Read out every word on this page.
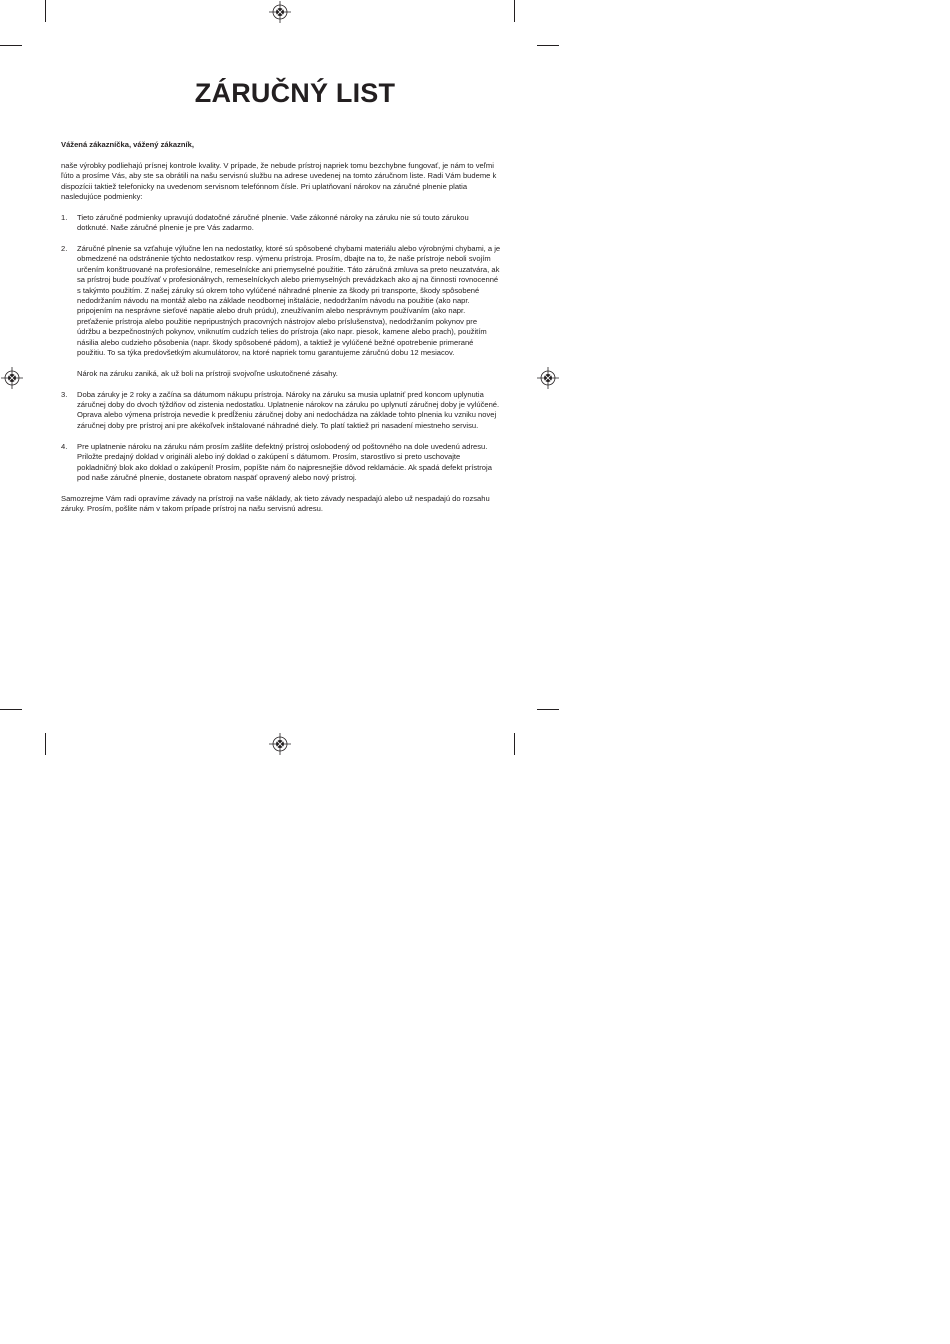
ZÁRUČNÝ LIST

Vážená zákazníčka, vážený zákazník,

naše výrobky podliehajú prísnej kontrole kvality. V prípade, že nebude prístroj napriek tomu bezchybne fungovať, je nám to veľmi ľúto a prosíme Vás, aby ste sa obrátili na našu servisnú službu na adrese uvedenej na tomto záručnom liste. Radi Vám budeme k dispozícii taktiež telefonicky na uvedenom servisnom telefónnom čísle. Pri uplatňovaní nárokov na záručné plnenie platia nasledujúce podmienky:

1. Tieto záručné podmienky upravujú dodatočné záručné plnenie. Vaše zákonné nároky na záruku nie sú touto zárukou dotknuté. Naše záručné plnenie je pre Vás zadarmo.

2. Záručné plnenie sa vzťahuje výlučne len na nedostatky, ktoré sú spôsobené chybami materiálu alebo výrobnými chybami, a je obmedzené na odstránenie týchto nedostatkov resp. výmenu prístroja. Prosím, dbajte na to, že naše prístroje neboli svojím určením konštruované na profesionálne, remeselnícke ani priemyselné použitie. Táto záručná zmluva sa preto neuzatvára, ak sa prístroj bude používať v profesionálnych, remeselníckych alebo priemyselných prevádzkach ako aj na činnosti rovnocenné s takýmto použitím. Z našej záruky sú okrem toho vylúčené náhradné plnenie za škody pri transporte, škody spôsobené nedodržaním návodu na montáž alebo na základe neodbornej inštalácie, nedodržaním návodu na použitie (ako napr. pripojením na nesprávne sieťové napätie alebo druh prúdu), zneužívaním alebo nesprávnym používaním (ako napr. preťaženie prístroja alebo použitie nepripustných pracovných nástrojov alebo príslušenstva), nedodržaním pokynov pre údržbu a bezpečnostných pokynov, vniknutím cudzích telies do prístroja (ako napr. piesok, kamene alebo prach), použitím násilia alebo cudzieho pôsobenia (napr. škody spôsobené pádom), a taktiež je vylúčené bežné opotrebenie primerané použitiu. To sa týka predovšetkým akumulátorov, na ktoré napriek tomu garantujeme záručnú dobu 12 mesiacov.

Nárok na záruku zaniká, ak už boli na prístroji svojvoľne uskutočnené zásahy.

3. Doba záruky je 2 roky a začína sa dátumom nákupu prístroja. Nároky na záruku sa musia uplatniť pred koncom uplynutia záručnej doby do dvoch týždňov od zistenia nedostatku. Uplatnenie nárokov na záruku po uplynutí záručnej doby je vylúčené. Oprava alebo výmena prístroja nevedie k predĺženiu záručnej doby ani nedochádza na základe tohto plnenia ku vzniku novej záručnej doby pre prístroj ani pre akékoľvek inštalované náhradné diely. To platí taktiež pri nasadení miestneho servisu.

4. Pre uplatnenie nároku na záruku nám prosím zašlite defektný prístroj oslobodený od poštovného na dole uvedenú adresu. Priložte predajný doklad v origináli alebo iný doklad o zakúpení s dátumom. Prosím, starostlivo si preto uschovajte pokladničný blok ako doklad o zakúpení! Prosím, popíšte nám čo najpresnejšie dôvod reklamácie. Ak spadá defekt prístroja pod naše záručné plnenie, dostanete obratom naspäť opravený alebo nový prístroj.

Samozrejme Vám radi opravíme závady na prístroji na vaše náklady, ak tieto závady nespadajú alebo už nespadajú do rozsahu záruky. Prosím, pošlite nám v takom prípade prístroj na našu servisnú adresu.
